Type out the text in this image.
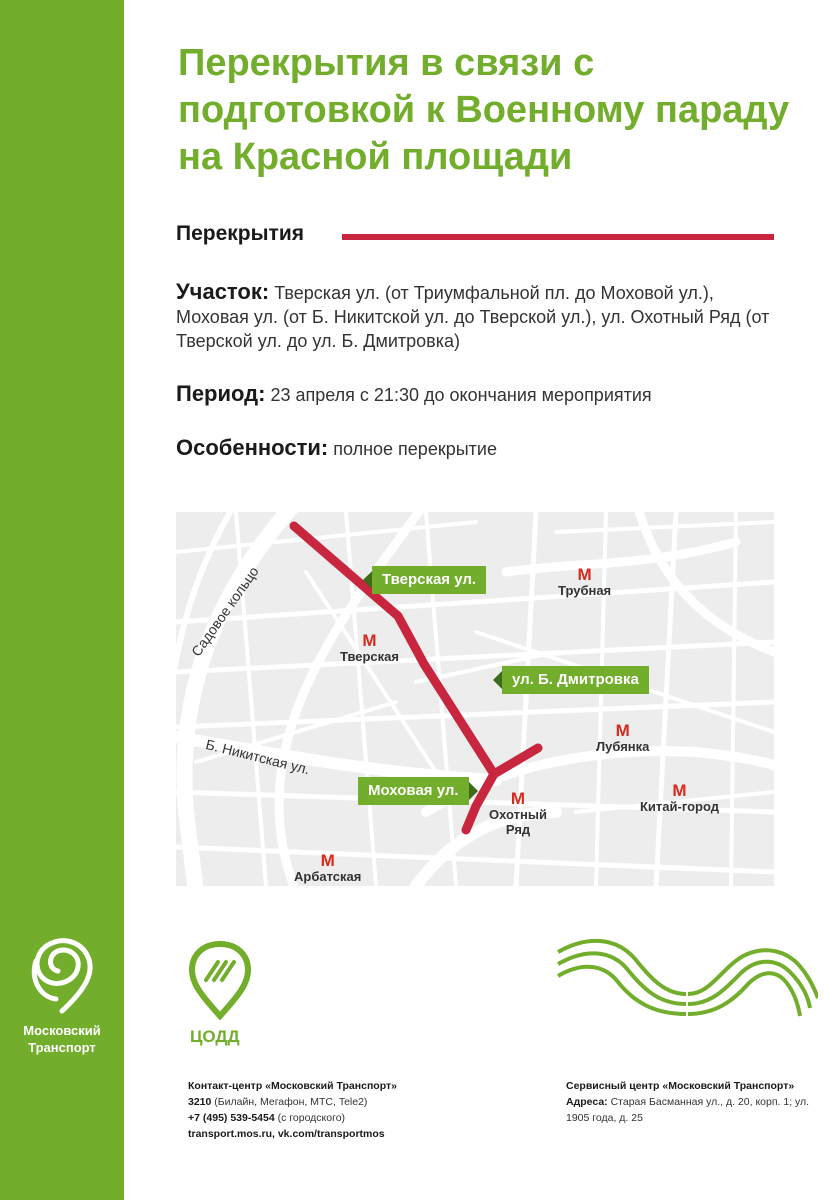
Московский
Транспорт
Перекрытия в связи с подготовкой к Военному параду на Красной площади
Перекрытия
Участок: Тверская ул. (от Триумфальной пл. до Моховой ул.), Моховая ул. (от Б. Никитской ул. до Тверской ул.), ул. Охотный Ряд (от Тверской ул. до ул. Б. Дмитровка)
Период: 23 апреля с 21:30 до окончания мероприятия
Особенности: полное перекрытие
Садовое кольцо
Б. Никитская ул.
Тверская ул.
ул. Б. Дмитровка
Моховая ул.
М
Трубная
М
Тверская
М
Лубянка
М
Охотный Ряд
М
Китай-город
М
Арбатская
ЦОДД
Контакт-центр «Московский Транспорт»
3210 (Билайн, Мегафон, МТС, Tele2)
+7 (495) 539-5454 (с городского)
transport.mos.ru, vk.com/transportmos
Сервисный центр «Московский Транспорт»
Адреса: Старая Басманная ул., д. 20, корп. 1; ул. 1905 года, д. 25
